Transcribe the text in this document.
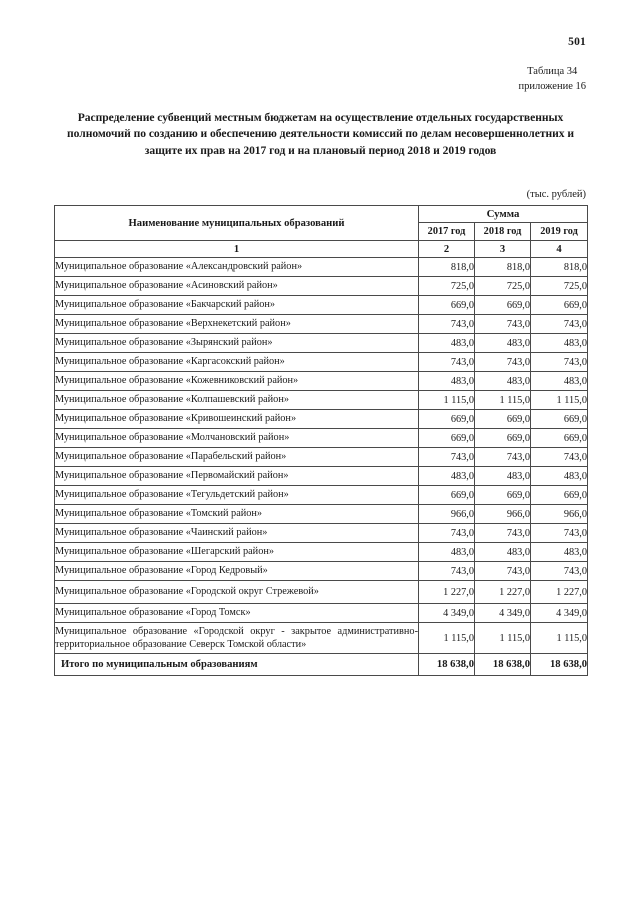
501
Таблица 34
приложение 16
Распределение субвенций местным бюджетам на осуществление отдельных государственных полномочий по созданию и обеспечению деятельности комиссий по делам несовершеннолетних и защите их прав на 2017 год и на плановый период 2018 и 2019 годов
(тыс. рублей)
Наименование муниципальных образований	Сумма		
	2017 год	2018 год	2019 год
1	2	3	4
Муниципальное образование «Александровский район»	818,0	818,0	818,0
Муниципальное образование «Асиновский район»	725,0	725,0	725,0
Муниципальное образование «Бакчарский район»	669,0	669,0	669,0
Муниципальное образование «Верхнекетский район»	743,0	743,0	743,0
Муниципальное образование «Зырянский район»	483,0	483,0	483,0
Муниципальное образование «Каргасокский район»	743,0	743,0	743,0
Муниципальное образование «Кожевниковский район»	483,0	483,0	483,0
Муниципальное образование «Колпашевский район»	1 115,0	1 115,0	1 115,0
Муниципальное образование «Кривошеинский район»	669,0	669,0	669,0
Муниципальное образование «Молчановский район»	669,0	669,0	669,0
Муниципальное образование «Парабельский район»	743,0	743,0	743,0
Муниципальное образование «Первомайский район»	483,0	483,0	483,0
Муниципальное образование «Тегульдетский район»	669,0	669,0	669,0
Муниципальное образование «Томский район»	966,0	966,0	966,0
Муниципальное образование «Чаинский район»	743,0	743,0	743,0
Муниципальное образование «Шегарский район»	483,0	483,0	483,0
Муниципальное образование «Город Кедровый»	743,0	743,0	743,0
Муниципальное образование «Городской округ Стрежевой»	1 227,0	1 227,0	1 227,0
Муниципальное образование «Город Томск»	4 349,0	4 349,0	4 349,0
Муниципальное образование «Городской округ - закрытое административно-территориальное образование Северск Томской области»	1 115,0	1 115,0	1 115,0
Итого по муниципальным образованиям	18 638,0	18 638,0	18 638,0
